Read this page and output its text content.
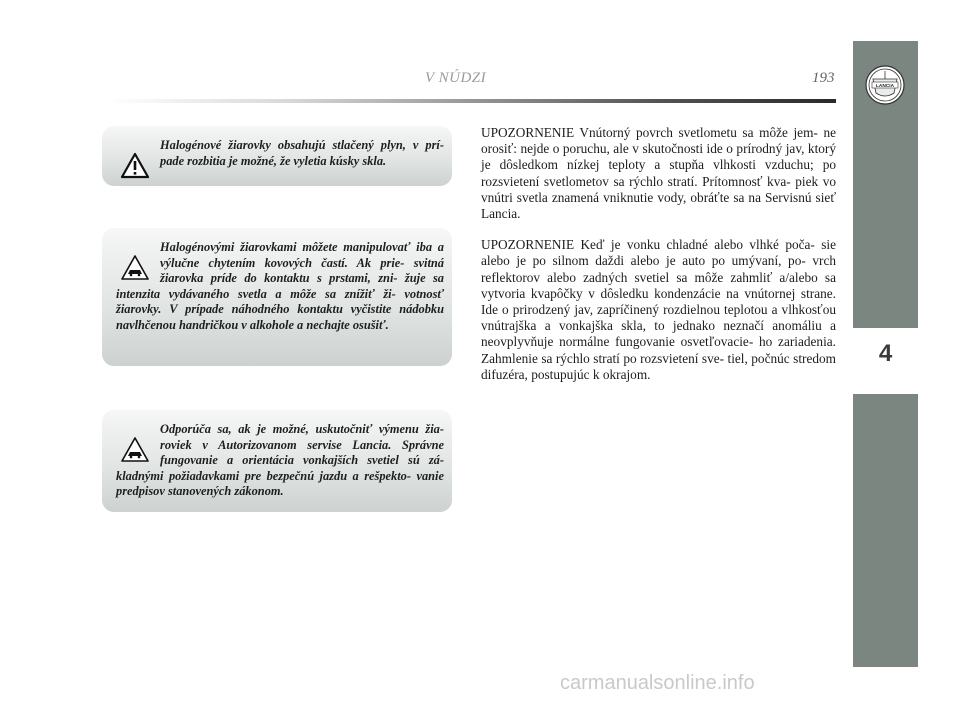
V NÚDZI	193
4
LANCIA
Halogénové žiarovky obsahujú stlačený plyn, v prí- pade rozbitia je možné, že vyletia kúsky skla.
Halogénovými žiarovkami môžete manipulovať iba a výlučne chytením kovových častí. Ak prie- svitná žiarovka príde do kontaktu s prstami, zni- žuje sa intenzita vydávaného svetla a môže sa znížiť ži- votnosť žiarovky. V prípade náhodného kontaktu vyčistite nádobku navlhčenou handričkou v alkohole a nechajte osušiť.
Odporúča sa, ak je možné, uskutočniť výmenu žia- roviek v Autorizovanom servise Lancia. Správne fungovanie a orientácia vonkajších svetiel sú zá- kladnými požiadavkami pre bezpečnú jazdu a rešpekto- vanie predpisov stanovených zákonom.

UPOZORNENIE Vnútorný povrch svetlometu sa môže jem- ne orosiť: nejde o poruchu, ale v skutočnosti ide o prírodný jav, ktorý je dôsledkom nízkej teploty a stupňa vlhkosti vzduchu; po rozsvietení svetlometov sa rýchlo stratí. Prítomnosť kva- piek vo vnútri svetla znamená vniknutie vody, obráťte sa na Servisnú sieť Lancia.

UPOZORNENIE Keď je vonku chladné alebo vlhké poča- sie alebo je po silnom daždi alebo je auto po umývaní, po- vrch reflektorov alebo zadných svetiel sa môže zahmliť a/alebo sa vytvoria kvapôčky v dôsledku kondenzácie na vnútornej strane. Ide o prirodzený jav, zapríčinený rozdielnou teplotou a vlhkosťou vnútrajška a vonkajška skla, to jednako neznačí anomáliu a neovplyvňuje normálne fungovanie osvetľovacie- ho zariadenia. Zahmlenie sa rýchlo stratí po rozsvietení sve- tiel, počnúc stredom difuzéra, postupujúc k okrajom.

carmanualsonline.info
